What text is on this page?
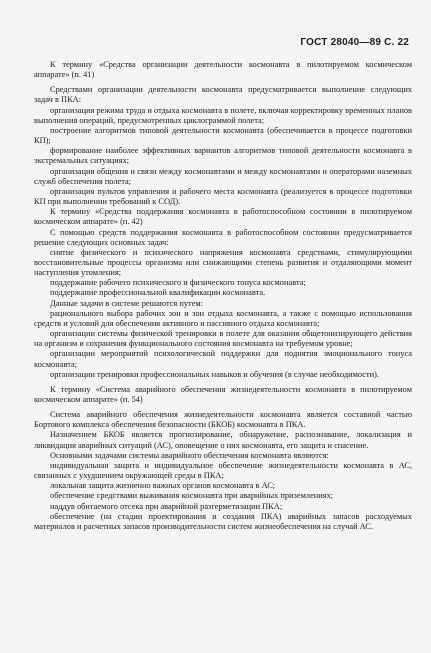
ГОСТ 28040—89 С. 22

К термину «Средства организации деятельности космонавта в пилотируемом космическом аппарате» (п. 41)

Средствами организации деятельности космонавта предусматривается выполнение следующих задач в ПКА:

организация режима труда и отдыха космонавта в полете, включая корректировку временных планов выполнения операций, предусмотренных циклограммой полета;

построение алгоритмов типовой деятельности космонавта (обеспечивается в процессе подготовки КП);

формирование наиболее эффективных вариантов алгоритмов типовой деятельности космонавта в экстремальных ситуациях;

организация общения и связи между космонавтами и между космонавтами и операторами наземных служб обеспечения полета;

организация пультов управления и рабочего места космонавта (реализуется в процессе подготовки КП при выполнении требований к СОД).

К термину «Средства поддержания космонавта в работоспособном состоянии в пилотируемом космическом аппарате» (п. 42)

С помощью средств поддержания космонавта в работоспособном состоянии предусматривается решение следующих основных задач:

снятие физического и психического напряжения космонавта средствами, стимулирующими восстановительные процессы организма или снижающими степень развития и отдаляющими момент наступления утомления;

поддержание рабочего психического и физического тонуса космонавта;

поддержание профессиональной квалификации космонавта.

Данные задачи в системе решаются путем:

рационального выбора рабочих зон и зон отдыха космонавта, а также с помощью использования средств и условий для обеспечения активного и пассивного отдыха космонавта;

организации системы физической тренировки в полете для оказания общетонизирующего действия на организм и сохранения функционального состояния космонавта на требуемом уровне;

организации мероприятий психологической поддержки для поднятия эмоционального тонуса космонавта;

организации тренировки профессиональных навыков и обучения (в случае необходимости).

К термину «Система аварийного обеспечения жизнедеятельности космонавта в пилотируемом космическом аппарате» (п. 54)

Система аварийного обеспечения жизнедеятельности космонавта является составной частью Бортового комплекса обеспечения безопасности (БКОБ) космонавта в ПКА.

Назначением БКОБ является прогнозирование, обнаружение, распознавание, локализация и ликвидация аварийных ситуаций (АС), оповещение о них космонавта, его защита и спасение.

Основными задачами системы аварийного обеспечения космонавта являются:

индивидуальная защита и индивидуальное обеспечение жизнедеятельности космонавта в АС, связанных с ухудшением окружающей среды в ПКА;

локальная защита жизненно важных органов космонавта в АС;

обеспечение средствами выживания космонавта при аварийных приземлениях;

наддув обитаемого отсека при аварийной разгерметизации ПКА;

обеспечение (на стадии проектирования и создания ПКА) аварийных запасов расходуемых материалов и расчетных запасов производительности систем жизнеобеспечения на случай АС.
